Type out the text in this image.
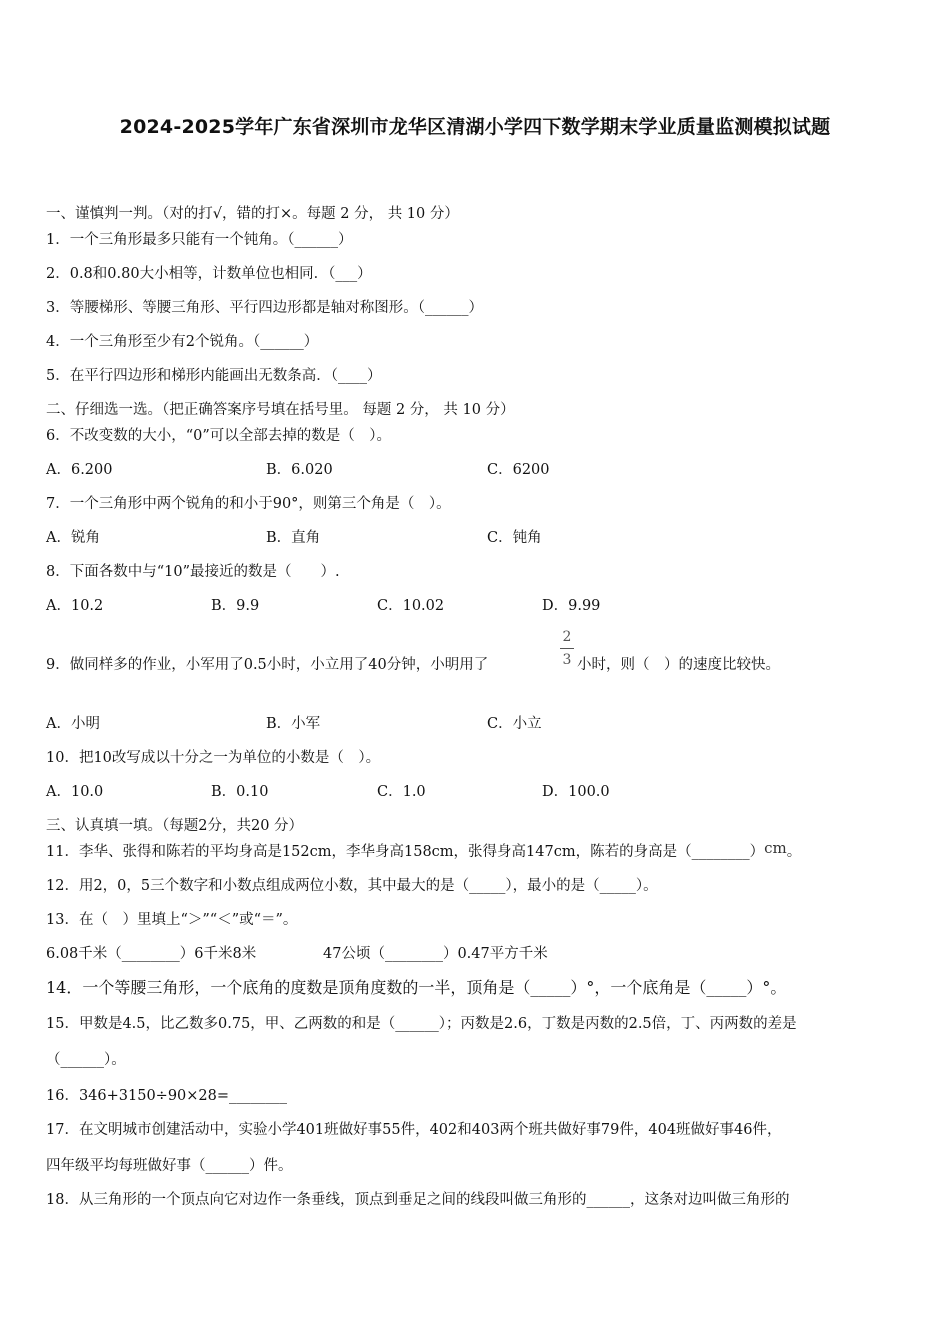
2024-2025学年广东省深圳市龙华区清湖小学四下数学期末学业质量监测模拟试题
一、谨慎判一判。（对的打√，错的打×。每题 2 分， 共 10 分）
1．一个三角形最多只能有一个钝角。（______）
2．0.8和0.80大小相等，计数单位也相同．（___）
3．等腰梯形、等腰三角形、平行四边形都是轴对称图形。（______）
4．一个三角形至少有2个锐角。（______）
5．在平行四边形和梯形内能画出无数条高．（____）
二、仔细选一选。（把正确答案序号填在括号里。 每题 2 分， 共 10 分）
6．不改变数的大小，“0”可以全部去掉的数是（　）。
A．6.200	B．6.020	C．6200
7．一个三角形中两个锐角的和小于90°，则第三个角是（　）。
A．锐角	B．直角	C．钝角
8．下面各数中与“10”最接近的数是（　　）.
A．10.2	B．9.9	C．10.02	D．9.99
9．做同样多的作业，小军用了0.5小时，小立用了40分钟，小明用了
2
3 小时，则（　）的速度比较快。
A．小明	B．小军	C．小立
10．把10改写成以十分之一为单位的小数是（　）。
A．10.0	B．0.10	C．1.0	D．100.0
三、认真填一填。（每题2分，共20 分）
11．李华、张得和陈若的平均身高是152cm，李华身高158cm，张得身高147cm，陈若的身高是（________）cm。
12．用2，0，5三个数字和小数点组成两位小数，其中最大的是（_____），最小的是（_____）。
13．在（　）里填上“＞”“＜”或“＝”。
6.08千米（________）6千米8米	47公顷（________）0.47平方千米
14．一个等腰三角形，一个底角的度数是顶角度数的一半，顶角是（_____）°，一个底角是（_____）°。
15．甲数是4.5，比乙数多0.75，甲、乙两数的和是（______）；丙数是2.6，丁数是丙数的2.5倍，丁、丙两数的差是
（______）。
16．346+3150÷90×28=________
17．在文明城市创建活动中，实验小学401班做好事55件，402和403两个班共做好事79件，404班做好事46件，
四年级平均每班做好事（______）件。
18．从三角形的一个顶点向它对边作一条垂线，顶点到垂足之间的线段叫做三角形的______，这条对边叫做三角形的
